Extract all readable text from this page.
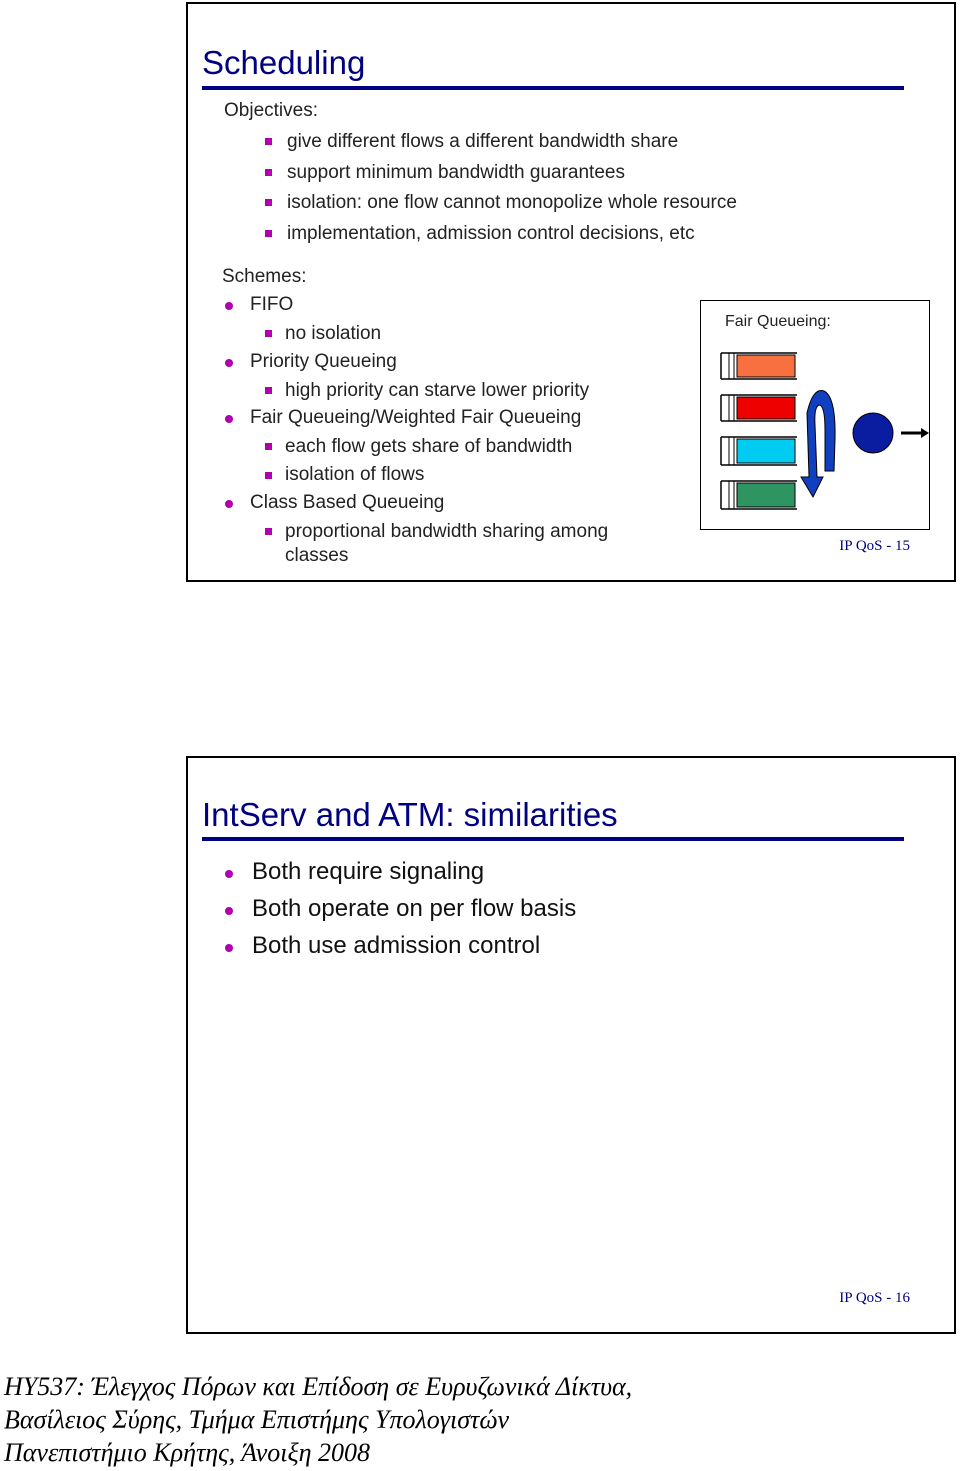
Scheduling
Objectives:
give different flows a different bandwidth share
support minimum bandwidth guarantees
isolation: one flow cannot monopolize whole resource
implementation, admission control decisions, etc
Schemes:
FIFO
no isolation
Priority Queueing
high priority can starve lower priority
Fair Queueing/Weighted Fair Queueing
each flow gets share of bandwidth
isolation of flows
Class Based Queueing
proportional bandwidth sharing among
classes
Fair Queueing:
IP QoS - 15
IntServ and ATM: similarities
Both require signaling
Both operate on per flow basis
Both use admission control
IP QoS - 16
HY537: Έλεγχος Πόρων και Επίδοση σε Ευρυζωνικά Δίκτυα,
Βασίλειος Σύρης, Τμήμα Επιστήμης Υπολογιστών
Πανεπιστήμιο Κρήτης, Άνοιξη 2008
